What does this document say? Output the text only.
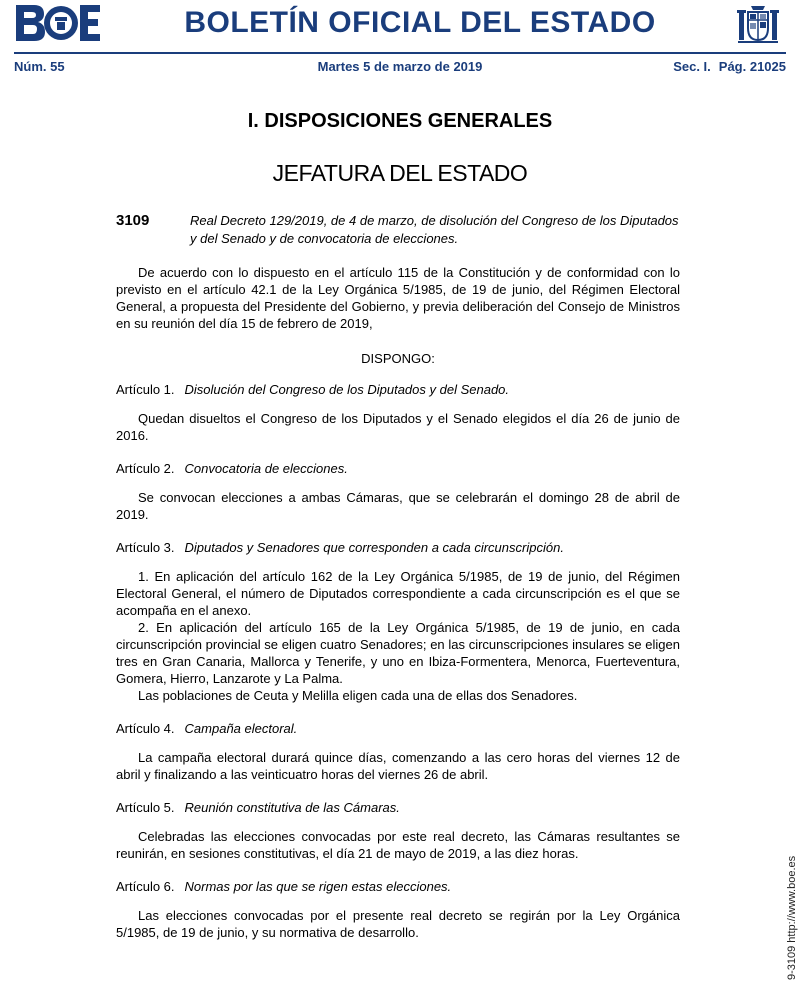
BOLETÍN OFICIAL DEL ESTADO
Núm. 55	Martes 5 de marzo de 2019	Sec. I. Pág. 21025
I. DISPOSICIONES GENERALES
JEFATURA DEL ESTADO
3109	Real Decreto 129/2019, de 4 de marzo, de disolución del Congreso de los Diputados y del Senado y de convocatoria de elecciones.

De acuerdo con lo dispuesto en el artículo 115 de la Constitución y de conformidad con lo previsto en el artículo 42.1 de la Ley Orgánica 5/1985, de 19 de junio, del Régimen Electoral General, a propuesta del Presidente del Gobierno, y previa deliberación del Consejo de Ministros en su reunión del día 15 de febrero de 2019,

DISPONGO:

Artículo 1. Disolución del Congreso de los Diputados y del Senado.

Quedan disueltos el Congreso de los Diputados y el Senado elegidos el día 26 de junio de 2016.

Artículo 2. Convocatoria de elecciones.

Se convocan elecciones a ambas Cámaras, que se celebrarán el domingo 28 de abril de 2019.

Artículo 3. Diputados y Senadores que corresponden a cada circunscripción.

1. En aplicación del artículo 162 de la Ley Orgánica 5/1985, de 19 de junio, del Régimen Electoral General, el número de Diputados correspondiente a cada circunscripción es el que se acompaña en el anexo.

2. En aplicación del artículo 165 de la Ley Orgánica 5/1985, de 19 de junio, en cada circunscripción provincial se eligen cuatro Senadores; en las circunscripciones insulares se eligen tres en Gran Canaria, Mallorca y Tenerife, y uno en Ibiza-Formentera, Menorca, Fuerteventura, Gomera, Hierro, Lanzarote y La Palma.

Las poblaciones de Ceuta y Melilla eligen cada una de ellas dos Senadores.

Artículo 4. Campaña electoral.

La campaña electoral durará quince días, comenzando a las cero horas del viernes 12 de abril y finalizando a las veinticuatro horas del viernes 26 de abril.

Artículo 5. Reunión constitutiva de las Cámaras.

Celebradas las elecciones convocadas por este real decreto, las Cámaras resultantes se reunirán, en sesiones constitutivas, el día 21 de mayo de 2019, a las diez horas.

Artículo 6. Normas por las que se rigen estas elecciones.

Las elecciones convocadas por el presente real decreto se regirán por la Ley Orgánica 5/1985, de 19 de junio, y su normativa de desarrollo.	9-3109 http://www.boe.es
